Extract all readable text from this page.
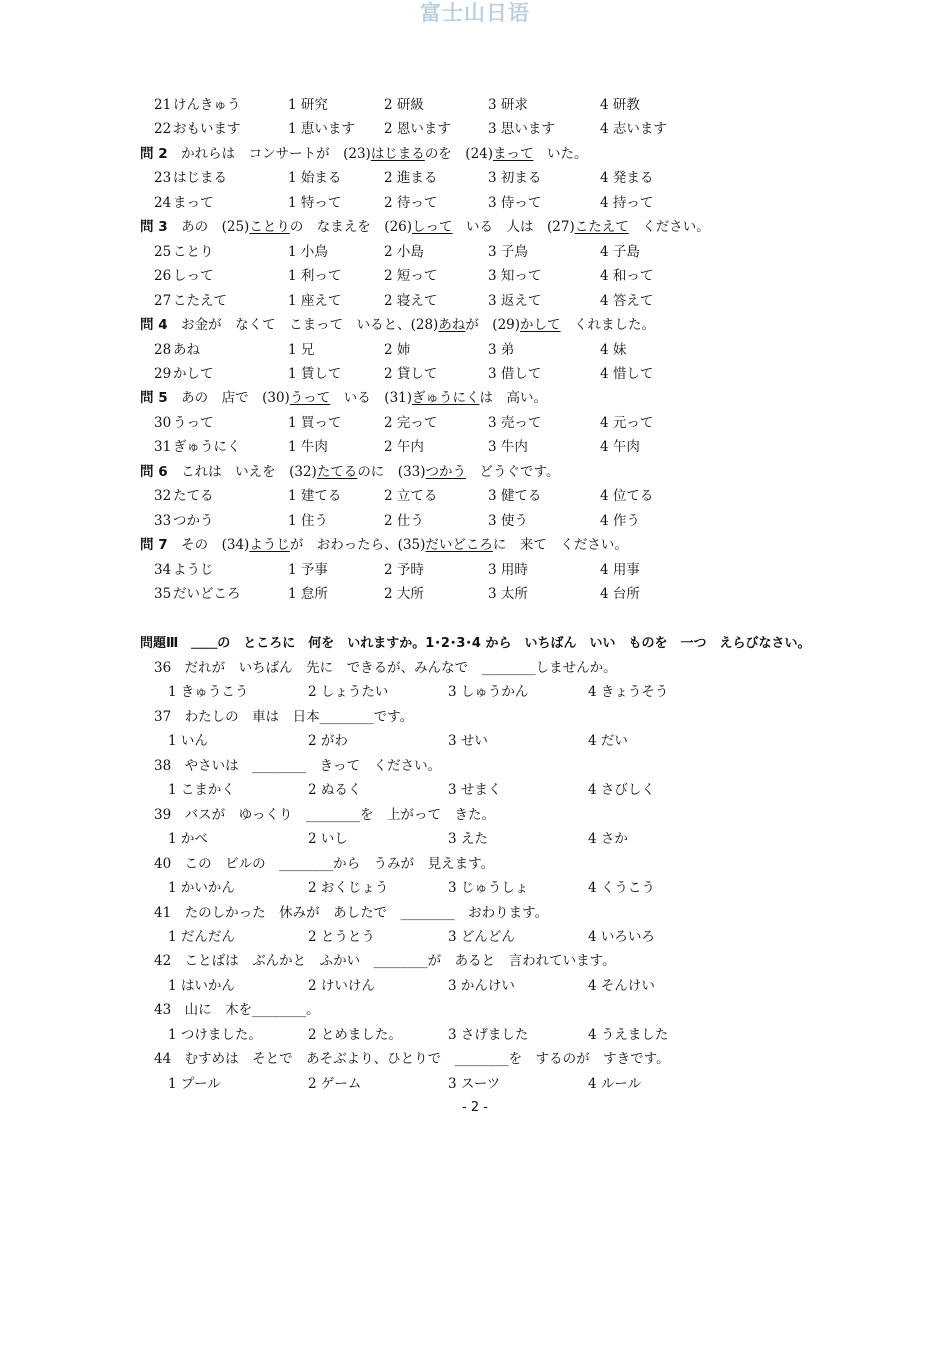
富士山日语
21 けんきゅう	1 研究	2 研級	3 研求	4 研教
22 おもいます	1 恵います 2 恩います	3 思います	4 志います
問 2　 かれらは　コンサートが　(23)はじまるのを　(24)まって　いた。
23 はじまる	1 始まる	2 進まる	3 初まる	4 発まる
24 まって	1 特って	2 待って	3 侍って	4 持って
問 3　 あの　(25)ことりの　なまえを　(26)しって　いる　人は　(27)こたえて　ください。
25 ことり	1 小鳥	2 小島	3 子鳥	4 子島
26 しって	1 利って	2 短って	3 知って	4 和って
27 こたえて	1 座えて	2 寝えて	3 返えて	4 答えて
問 4　 お金が　なくて　こまって　いると、(28)あねが　(29)かして　くれました。
28 あね	1 兄	2 姉	3 弟	4 妹
29 かして	1 賃して	2 貸して	3 借して	4 惜して
問 5　 あの　店で　(30)うって　いる　(31)ぎゅうにくは　高い。
30 うって	1 買って	2 完って	3 売って	4 元って
31 ぎゅうにく	1 牛肉	2 午内	3 牛内	4 午肉
問 6　 これは　いえを　(32)たてるのに　(33)つかう　どうぐです。
32 たてる	1 建てる	2 立てる	3 健てる	4 位てる
33 つかう	1 住う	2 仕う	3 使う	4 作う
問 7　 その　(34)ようじが　おわったら、(35)だいどころに　来て　ください。
34 ようじ	1 予事	2 予時	3 用時	4 用事
35 だいどころ	1 怠所	2 大所	3 太所	4 台所
問題Ⅲ　＿＿の　ところに　何を　いれますか。1･2･3･4 から　いちばん　いい　ものを　一つ　えらびなさい。
36　だれが　いちばん　先に　できるが、みんなで　________しませんか。
1 きゅうこう	2 しょうたい	3 しゅうかん	4 きょうそう
37　わたしの　車は　日本________です。
1 いん	2 がわ	3 せい	4 だい
38　やさいは　________　きって　ください。
1 こまかく	2 ぬるく	3 せまく	4 さびしく
39　バスが　ゆっくり　________を　上がって　きた。
1 かべ	2 いし	3 えた	4 さか
40　この　ビルの　________から　うみが　見えます。
1 かいかん	2 おくじょう	3 じゅうしょ	4 くうこう
41　たのしかった　休みが　あしたで　________　おわります。
1 だんだん	2 とうとう	3 どんどん	4 いろいろ
42　ことばは　ぶんかと　ふかい　________が　あると　言われています。
1 はいかん	2 けいけん	3 かんけい	4 そんけい
43　山に　木を________。
1 つけました。	2 とめました。	3 さげました	4 うえました
44　むすめは　そとで　あそぶより、ひとりで　________を　するのが　すきです。
1 プール	2 ゲーム	3 スーツ	4 ルール
- 2 -
